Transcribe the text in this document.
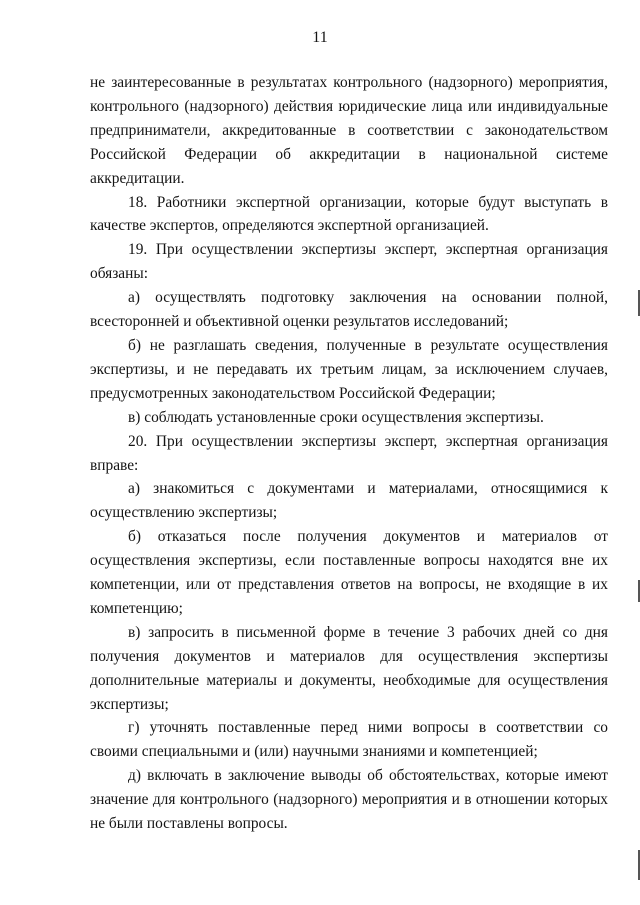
11

не заинтересованные в результатах контрольного (надзорного) мероприятия, контрольного (надзорного) действия юридические лица или индивидуальные предприниматели, аккредитованные в соответствии с законодательством Российской Федерации об аккредитации в национальной системе аккредитации.

18. Работники экспертной организации, которые будут выступать в качестве экспертов, определяются экспертной организацией.

19. При осуществлении экспертизы эксперт, экспертная организация обязаны:

а) осуществлять подготовку заключения на основании полной, всесторонней и объективной оценки результатов исследований;

б) не разглашать сведения, полученные в результате осуществления экспертизы, и не передавать их третьим лицам, за исключением случаев, предусмотренных законодательством Российской Федерации;

в) соблюдать установленные сроки осуществления экспертизы.

20. При осуществлении экспертизы эксперт, экспертная организация вправе:

а) знакомиться с документами и материалами, относящимися к осуществлению экспертизы;

б) отказаться после получения документов и материалов от осуществления экспертизы, если поставленные вопросы находятся вне их компетенции, или от представления ответов на вопросы, не входящие в их компетенцию;

в) запросить в письменной форме в течение 3 рабочих дней со дня получения документов и материалов для осуществления экспертизы дополнительные материалы и документы, необходимые для осуществления экспертизы;

г) уточнять поставленные перед ними вопросы в соответствии со своими специальными и (или) научными знаниями и компетенцией;

д) включать в заключение выводы об обстоятельствах, которые имеют значение для контрольного (надзорного) мероприятия и в отношении которых не были поставлены вопросы.
